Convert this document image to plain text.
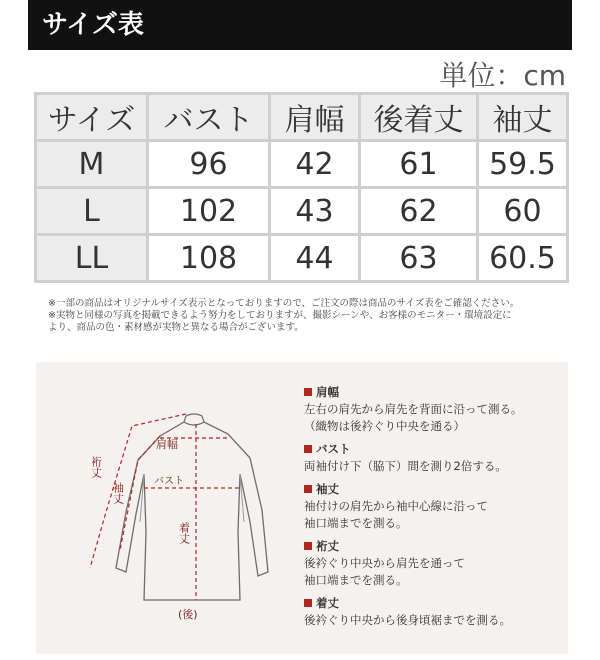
サイズ表
単位：cm
サイズ	バスト	肩幅	後着丈	袖丈
M	96	42	61	59.5
L	102	43	62	60
LL	108	44	63	60.5
※一部の商品はオリジナルサイズ表示となっておりますので、ご注文の際は商品のサイズ表をご確認ください。
※実物と同様の写真を掲載できるよう努力をしておりますが、撮影シーンや、お客様のモニター・環境設定に
より、商品の色・素材感が実物と異なる場合がございます。
肩幅
バスト
着丈
裄丈
袖丈
(後)
肩幅
左右の肩先から肩先を背面に沿って測る。
（織物は後衿ぐり中央を通る）
バスト
両袖付け下（脇下）間を測り2倍する。
袖丈
袖付けの肩先から袖中心線に沿って
袖口端までを測る。
裄丈
後衿ぐり中央から肩先を通って
袖口端までを測る。
着丈
後衿ぐり中央から後身頃裾までを測る。
